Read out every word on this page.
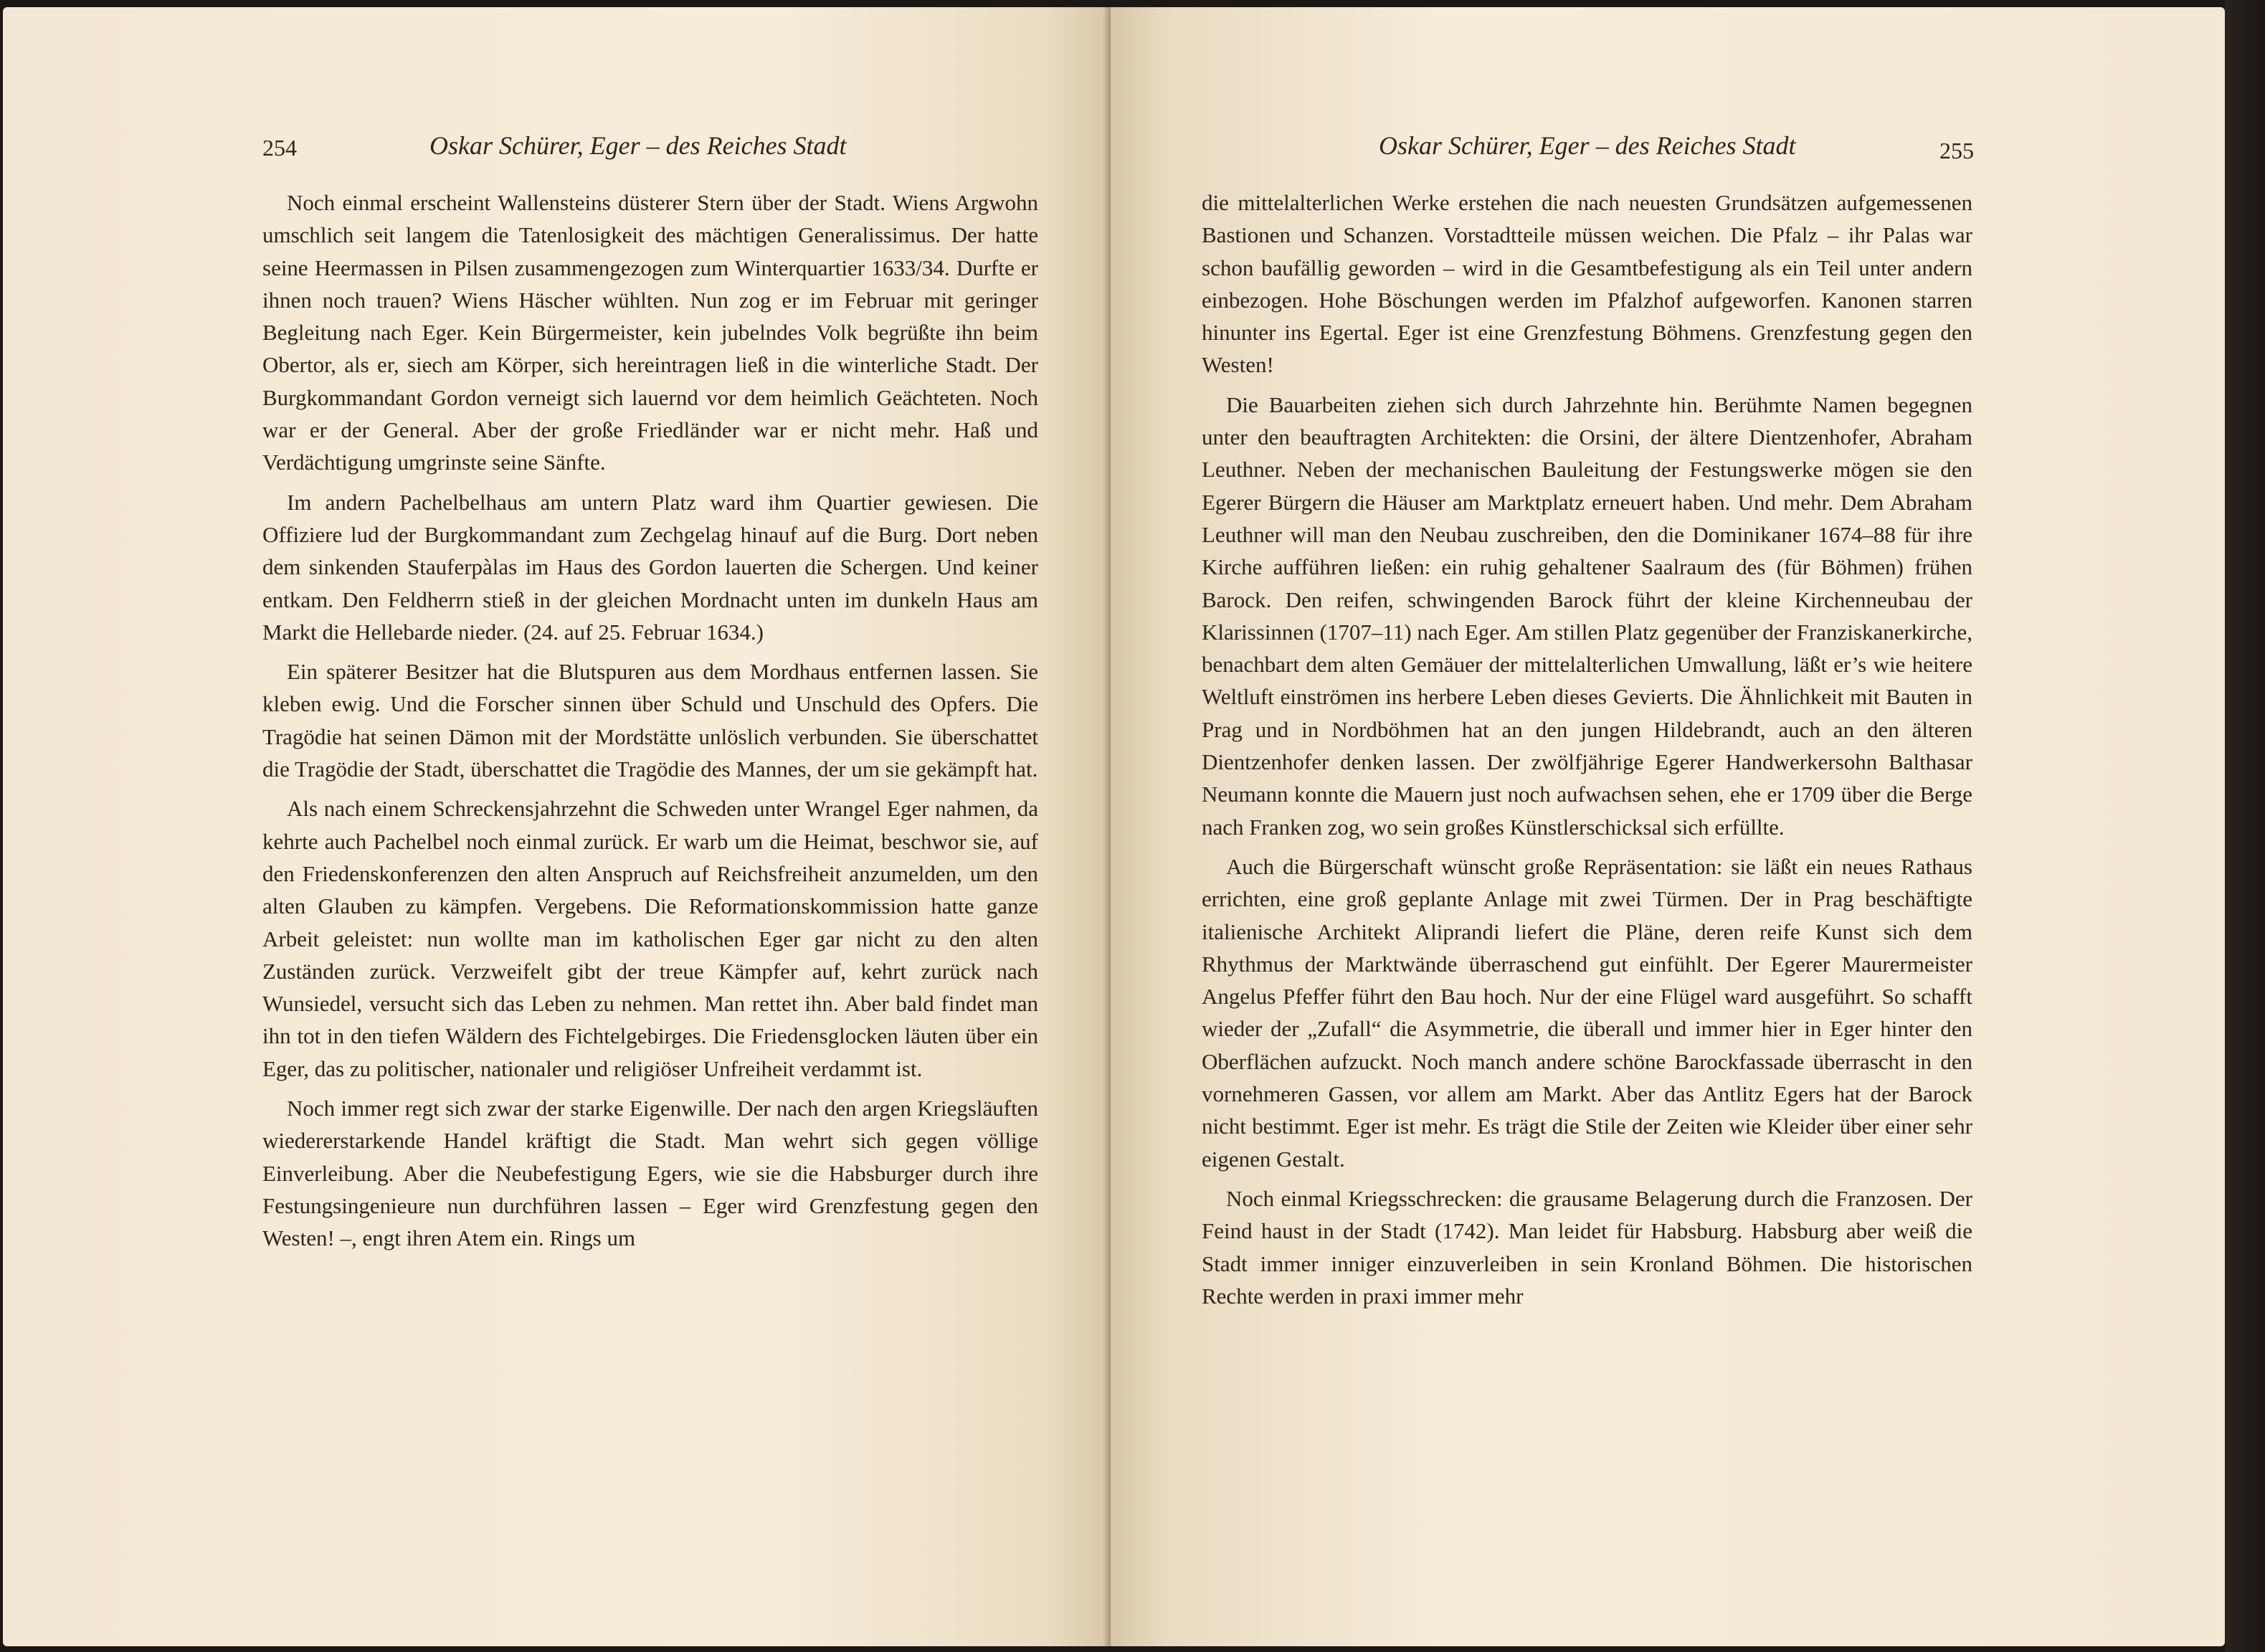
254	Oskar Schürer, Eger – des Reiches Stadt

Noch einmal erscheint Wallensteins düsterer Stern über der Stadt. Wiens Argwohn umschlich seit langem die Tatenlosigkeit des mächtigen Generalissimus. Der hatte seine Heermassen in Pilsen zusammengezogen zum Winterquartier 1633/34. Durfte er ihnen noch trauen? Wiens Häscher wühlten. Nun zog er im Februar mit geringer Begleitung nach Eger. Kein Bürgermeister, kein jubelndes Volk begrüßte ihn beim Obertor, als er, siech am Körper, sich hereintragen ließ in die winterliche Stadt. Der Burgkommandant Gordon verneigt sich lauernd vor dem heimlich Geächteten. Noch war er der General. Aber der große Friedländer war er nicht mehr. Haß und Verdächtigung umgrinste seine Sänfte.

Im andern Pachelbelhaus am untern Platz ward ihm Quartier gewiesen. Die Offiziere lud der Burgkommandant zum Zechgelag hinauf auf die Burg. Dort neben dem sinkenden Stauferpàlas im Haus des Gordon lauerten die Schergen. Und keiner entkam. Den Feldherrn stieß in der gleichen Mordnacht unten im dunkeln Haus am Markt die Hellebarde nieder. (24. auf 25. Februar 1634.)

Ein späterer Besitzer hat die Blutspuren aus dem Mordhaus entfernen lassen. Sie kleben ewig. Und die Forscher sinnen über Schuld und Unschuld des Opfers. Die Tragödie hat seinen Dämon mit der Mordstätte unlöslich verbunden. Sie überschattet die Tragödie der Stadt, überschattet die Tragödie des Mannes, der um sie gekämpft hat.

Als nach einem Schreckensjahrzehnt die Schweden unter Wrangel Eger nahmen, da kehrte auch Pachelbel noch einmal zurück. Er warb um die Heimat, beschwor sie, auf den Friedenskonferenzen den alten Anspruch auf Reichsfreiheit anzumelden, um den alten Glauben zu kämpfen. Vergebens. Die Reformationskommission hatte ganze Arbeit geleistet: nun wollte man im katholischen Eger gar nicht zu den alten Zuständen zurück. Verzweifelt gibt der treue Kämpfer auf, kehrt zurück nach Wunsiedel, versucht sich das Leben zu nehmen. Man rettet ihn. Aber bald findet man ihn tot in den tiefen Wäldern des Fichtelgebirges. Die Friedensglocken läuten über ein Eger, das zu politischer, nationaler und religiöser Unfreiheit verdammt ist.

Noch immer regt sich zwar der starke Eigenwille. Der nach den argen Kriegsläuften wiedererstarkende Handel kräftigt die Stadt. Man wehrt sich gegen völlige Einverleibung. Aber die Neubefestigung Egers, wie sie die Habsburger durch ihre Festungsingenieure nun durchführen lassen – Eger wird Grenzfestung gegen den Westen! –, engt ihren Atem ein. Rings um

Oskar Schürer, Eger – des Reiches Stadt	255

die mittelalterlichen Werke erstehen die nach neuesten Grundsätzen aufgemessenen Bastionen und Schanzen. Vorstadtteile müssen weichen. Die Pfalz – ihr Palas war schon baufällig geworden – wird in die Gesamtbefestigung als ein Teil unter andern einbezogen. Hohe Böschungen werden im Pfalzhof aufgeworfen. Kanonen starren hinunter ins Egertal. Eger ist eine Grenzfestung Böhmens. Grenzfestung gegen den Westen!

Die Bauarbeiten ziehen sich durch Jahrzehnte hin. Berühmte Namen begegnen unter den beauftragten Architekten: die Orsini, der ältere Dientzenhofer, Abraham Leuthner. Neben der mechanischen Bauleitung der Festungswerke mögen sie den Egerer Bürgern die Häuser am Marktplatz erneuert haben. Und mehr. Dem Abraham Leuthner will man den Neubau zuschreiben, den die Dominikaner 1674–88 für ihre Kirche aufführen ließen: ein ruhig gehaltener Saalraum des (für Böhmen) frühen Barock. Den reifen, schwingenden Barock führt der kleine Kirchenneubau der Klarissinnen (1707–11) nach Eger. Am stillen Platz gegenüber der Franziskanerkirche, benachbart dem alten Gemäuer der mittelalterlichen Umwallung, läßt er’s wie heitere Weltluft einströmen ins herbere Leben dieses Gevierts. Die Ähnlichkeit mit Bauten in Prag und in Nordböhmen hat an den jungen Hildebrandt, auch an den älteren Dientzenhofer denken lassen. Der zwölfjährige Egerer Handwerkersohn Balthasar Neumann konnte die Mauern just noch aufwachsen sehen, ehe er 1709 über die Berge nach Franken zog, wo sein großes Künstlerschicksal sich erfüllte.

Auch die Bürgerschaft wünscht große Repräsentation: sie läßt ein neues Rathaus errichten, eine groß geplante Anlage mit zwei Türmen. Der in Prag beschäftigte italienische Architekt Aliprandi liefert die Pläne, deren reife Kunst sich dem Rhythmus der Marktwände überraschend gut einfühlt. Der Egerer Maurermeister Angelus Pfeffer führt den Bau hoch. Nur der eine Flügel ward ausgeführt. So schafft wieder der „Zufall“ die Asymmetrie, die überall und immer hier in Eger hinter den Oberflächen aufzuckt. Noch manch andere schöne Barockfassade überrascht in den vornehmeren Gassen, vor allem am Markt. Aber das Antlitz Egers hat der Barock nicht bestimmt. Eger ist mehr. Es trägt die Stile der Zeiten wie Kleider über einer sehr eigenen Gestalt.

Noch einmal Kriegsschrecken: die grausame Belagerung durch die Franzosen. Der Feind haust in der Stadt (1742). Man leidet für Habsburg. Habsburg aber weiß die Stadt immer inniger einzuverleiben in sein Kronland Böhmen. Die historischen Rechte werden in praxi immer mehr
